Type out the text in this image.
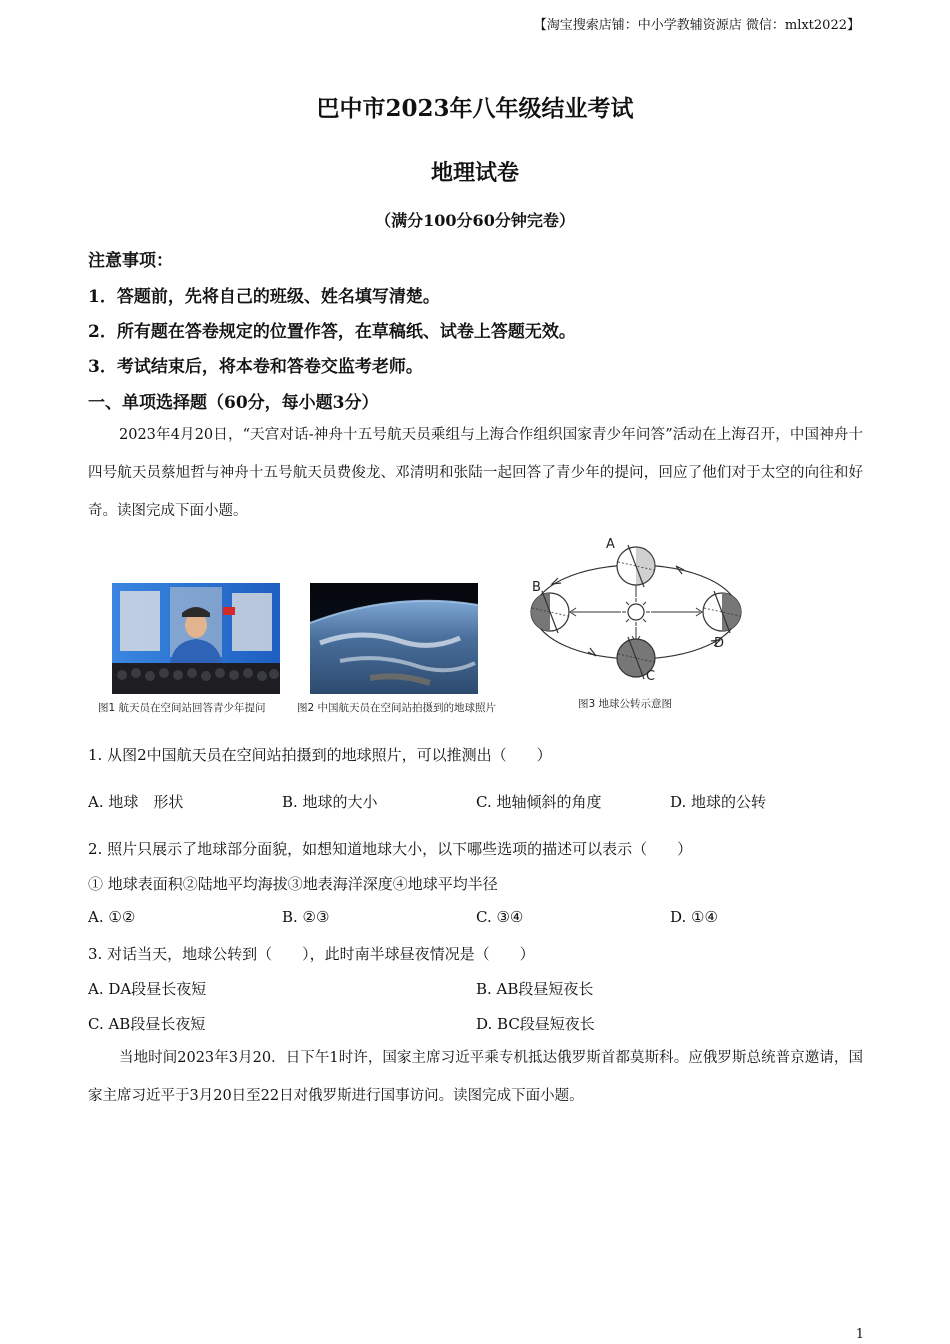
【淘宝搜索店铺：中小学教辅资源店 微信：mlxt2022】
巴中市2023年八年级结业考试
地理试卷
（满分100分60分钟完卷）
注意事项：
1．答题前，先将自己的班级、姓名填写清楚。
2．所有题在答卷规定的位置作答，在草稿纸、试卷上答题无效。
3．考试结束后，将本卷和答卷交监考老师。
一、单项选择题（60分，每小题3分）
2023年4月20日，“天宫对话-神舟十五号航天员乘组与上海合作组织国家青少年问答”活动在上海召开，中国神舟十四号航天员蔡旭哲与神舟十五号航天员费俊龙、邓清明和张陆一起回答了青少年的提问，回应了他们对于太空的向往和好奇。读图完成下面小题。
图1 航天员在空间站回答青少年提问	图2 中国航天员在空间站拍摄到的地球照片
A
B
C
D
图3 地球公转示意图
1. 从图2中国航天员在空间站拍摄到的地球照片，可以推测出（　　）
A. 地球　形状	B. 地球的大小	C. 地轴倾斜的角度	D. 地球的公转
2. 照片只展示了地球部分面貌，如想知道地球大小，以下哪些选项的描述可以表示（　　）
① 地球表面积②陆地平均海拔③地表海洋深度④地球平均半径
A. ①②	B. ②③	C. ③④	D. ①④
3. 对话当天，地球公转到（　　），此时南半球昼夜情况是（　　）
A. DA段昼长夜短	B. AB段昼短夜长
C. AB段昼长夜短	D. BC段昼短夜长
当地时间2023年3月20．日下午1时许，国家主席习近平乘专机抵达俄罗斯首都莫斯科。应俄罗斯总统普京邀请，国家主席习近平于3月20日至22日对俄罗斯进行国事访问。读图完成下面小题。
1
